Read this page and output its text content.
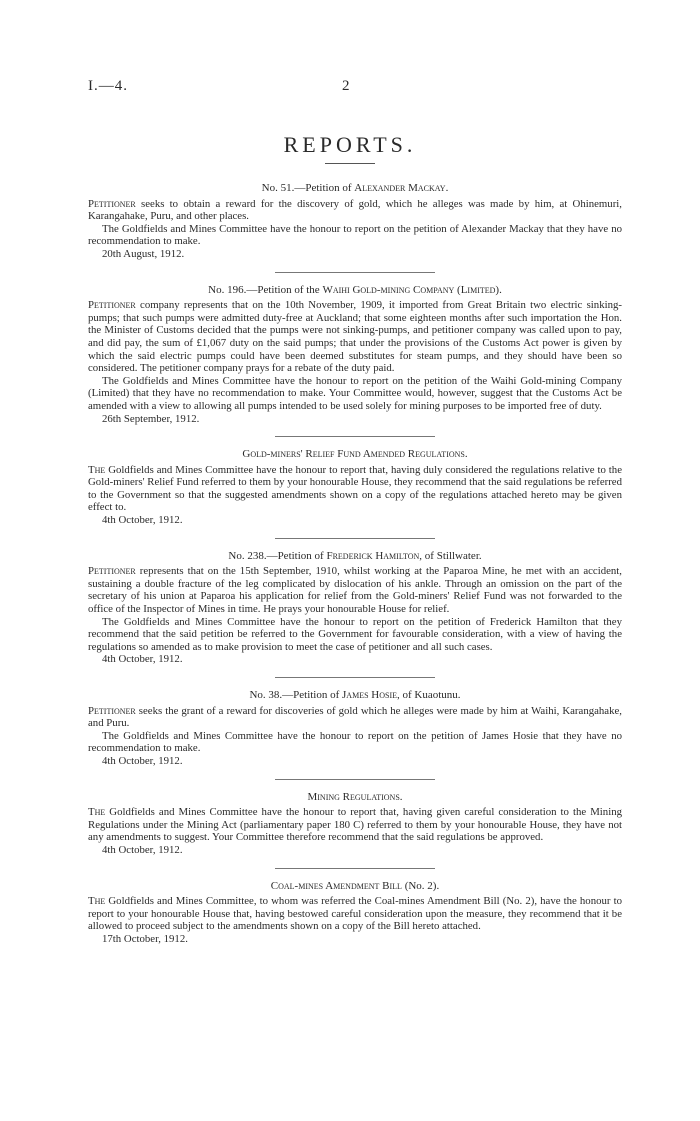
I.—4.	2
REPORTS.

No. 51.—Petition of Alexander Mackay.

Petitioner seeks to obtain a reward for the discovery of gold, which he alleges was made by him, at Ohinemuri, Karangahake, Puru, and other places.

The Goldfields and Mines Committee have the honour to report on the petition of Alexander Mackay that they have no recommendation to make.

20th August, 1912.

No. 196.—Petition of the Waihi Gold-mining Company (Limited).

Petitioner company represents that on the 10th November, 1909, it imported from Great Britain two electric sinking-pumps; that such pumps were admitted duty-free at Auckland; that some eighteen months after such importation the Hon. the Minister of Customs decided that the pumps were not sinking-pumps, and petitioner company was called upon to pay, and did pay, the sum of £1,067 duty on the said pumps; that under the provisions of the Customs Act power is given by which the said electric pumps could have been deemed substitutes for steam pumps, and they should have been so considered. The petitioner company prays for a rebate of the duty paid.

The Goldfields and Mines Committee have the honour to report on the petition of the Waihi Gold-mining Company (Limited) that they have no recommendation to make. Your Committee would, however, suggest that the Customs Act be amended with a view to allowing all pumps intended to be used solely for mining purposes to be imported free of duty.

26th September, 1912.

Gold-miners' Relief Fund Amended Regulations.

The Goldfields and Mines Committee have the honour to report that, having duly considered the regulations relative to the Gold-miners' Relief Fund referred to them by your honourable House, they recommend that the said regulations be referred to the Government so that the suggested amendments shown on a copy of the regulations attached hereto may be given effect to.

4th October, 1912.

No. 238.—Petition of Frederick Hamilton, of Stillwater.

Petitioner represents that on the 15th September, 1910, whilst working at the Paparoa Mine, he met with an accident, sustaining a double fracture of the leg complicated by dislocation of his ankle. Through an omission on the part of the secretary of his union at Paparoa his application for relief from the Gold-miners' Relief Fund was not forwarded to the office of the Inspector of Mines in time. He prays your honourable House for relief.

The Goldfields and Mines Committee have the honour to report on the petition of Frederick Hamilton that they recommend that the said petition be referred to the Government for favourable consideration, with a view of having the regulations so amended as to make provision to meet the case of petitioner and all such cases.

4th October, 1912.

No. 38.—Petition of James Hosie, of Kuaotunu.

Petitioner seeks the grant of a reward for discoveries of gold which he alleges were made by him at Waihi, Karangahake, and Puru.

The Goldfields and Mines Committee have the honour to report on the petition of James Hosie that they have no recommendation to make.

4th October, 1912.

Mining Regulations.

The Goldfields and Mines Committee have the honour to report that, having given careful consideration to the Mining Regulations under the Mining Act (parliamentary paper 180 C) referred to them by your honourable House, they have not any amendments to suggest. Your Committee therefore recommend that the said regulations be approved.

4th October, 1912.

Coal-mines Amendment Bill (No. 2).

The Goldfields and Mines Committee, to whom was referred the Coal-mines Amendment Bill (No. 2), have the honour to report to your honourable House that, having bestowed careful consideration upon the measure, they recommend that it be allowed to proceed subject to the amendments shown on a copy of the Bill hereto attached.

17th October, 1912.
